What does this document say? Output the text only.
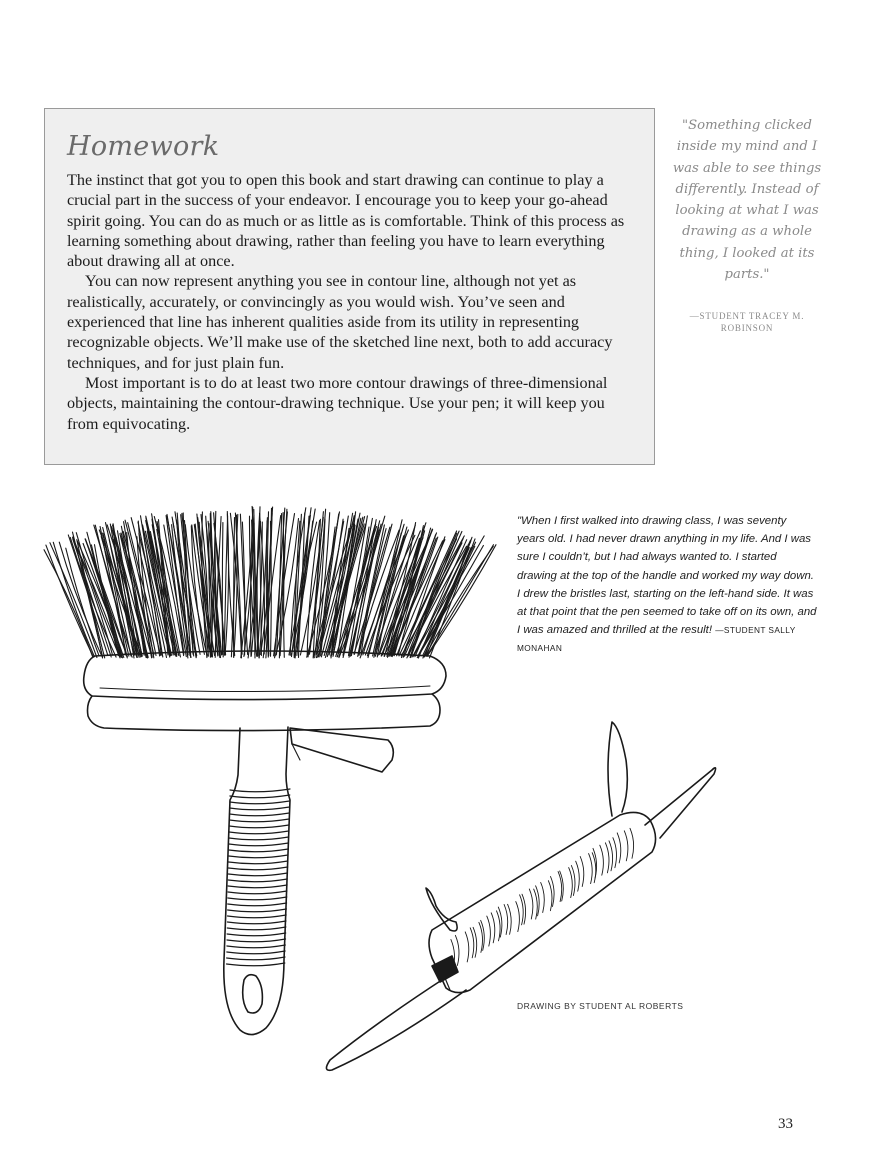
Homework

The instinct that got you to open this book and start drawing can continue to play a crucial part in the success of your endeavor. I encourage you to keep your go-ahead spirit going. You can do as much or as little as is comfortable. Think of this process as learning something about drawing, rather than feeling you have to learn everything about drawing all at once.

You can now represent anything you see in contour line, although not yet as realistically, accurately, or convincingly as you would wish. You’ve seen and experienced that line has inherent qualities aside from its utility in representing recognizable objects. We’ll make use of the sketched line next, both to add accuracy techniques, and for just plain fun.

Most important is to do at least two more contour drawings of three-dimensional objects, maintaining the contour-drawing technique. Use your pen; it will keep you from equivocating.

"Something clicked inside my mind and I was able to see things differently. Instead of looking at what I was drawing as a whole thing, I looked at its parts."
—STUDENT TRACEY M. ROBINSON
"When I first walked into drawing class, I was seventy years old. I had never drawn anything in my life. And I was sure I couldn’t, but I had always wanted to. I started drawing at the top of the handle and worked my way down. I drew the bristles last, starting on the left-hand side. It was at that point that the pen seemed to take off on its own, and I was amazed and thrilled at the result! —STUDENT SALLY MONAHAN
DRAWING BY STUDENT AL ROBERTS
33
